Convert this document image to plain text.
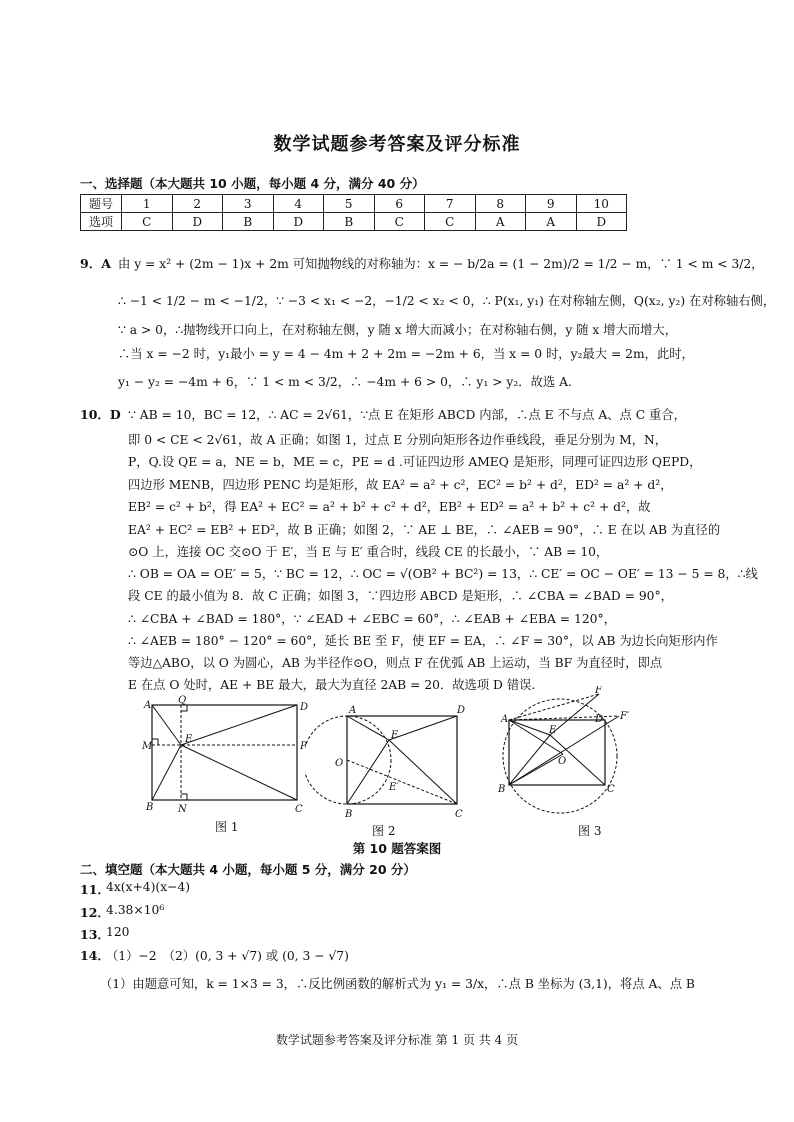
数学试题参考答案及评分标准
一、选择题（本大题共 10 小题，每小题 4 分，满分 40 分）
题号	1	2	3	4	5	6	7	8	9	10
选项	C	D	B	D	B	C	C	A	A	D
9．A 由 y = x² + (2m − 1)x + 2m 可知抛物线的对称轴为：x = − b/2a = (1 − 2m)/2 = 1/2 − m，∵ 1 < m < 3/2，
∴ −1 < 1/2 − m < −1/2，∵ −3 < x₁ < −2，−1/2 < x₂ < 0，∴ P(x₁, y₁) 在对称轴左侧，Q(x₂, y₂) 在对称轴右侧，
∵ a > 0，∴抛物线开口向上，在对称轴左侧，y 随 x 增大而减小；在对称轴右侧，y 随 x 增大而增大，
∴当 x = −2 时，y₁最小 = y = 4 − 4m + 2 + 2m = −2m + 6，当 x = 0 时，y₂最大 = 2m，此时，
y₁ − y₂ = −4m + 6，∵ 1 < m < 3/2，∴ −4m + 6 > 0，∴ y₁ > y₂．故选 A.
10．D ∵ AB = 10，BC = 12，∴ AC = 2√61，∵点 E 在矩形 ABCD 内部，∴点 E 不与点 A、点 C 重合，
即 0 < CE < 2√61，故 A 正确；如图 1，过点 E 分别向矩形各边作垂线段，垂足分别为 M，N，
P，Q.设 QE = a，NE = b，ME = c，PE = d .可证四边形 AMEQ 是矩形，同理可证四边形 QEPD，
四边形 MENB，四边形 PENC 均是矩形，故 EA² = a² + c²，EC² = b² + d²，ED² = a² + d²，
EB² = c² + b²，得 EA² + EC² = a² + b² + c² + d²，EB² + ED² = a² + b² + c² + d²，故
EA² + EC² = EB² + ED²，故 B 正确；如图 2，∵ AE ⊥ BE，∴ ∠AEB = 90°，∴ E 在以 AB 为直径的
⊙O 上，连接 OC 交⊙O 于 E′，当 E 与 E′ 重合时，线段 CE 的长最小，∵ AB = 10，
∴ OB = OA = OE′ = 5，∵ BC = 12，∴ OC = √(OB² + BC²) = 13，∴ CE′ = OC − OE′ = 13 − 5 = 8，∴线
段 CE 的最小值为 8．故 C 正确；如图 3，∵四边形 ABCD 是矩形，∴ ∠CBA = ∠BAD = 90°，
∴ ∠CBA + ∠BAD = 180°，∵ ∠EAD + ∠EBC = 60°，∴ ∠EAB + ∠EBA = 120°，
∴ ∠AEB = 180° − 120° = 60°，延长 BE 至 F，使 EF = EA，∴ ∠F = 30°，以 AB 为边长向矩形内作
等边△ABO，以 O 为圆心，AB 为半径作⊙O，则点 F 在优弧 AB 上运动，当 BF 为直径时，即点
E 在点 O 处时，AE + BE 最大，最大为直径 2AB = 20．故选项 D 错误.
A	Q
D
M
E
P
B N	C
图 1
A	D
E
O
E′
B	C
图 2
A
F
D F′
E
O
B	C
图 3
第 10 题答案图
二、填空题（本大题共 4 小题，每小题 5 分，满分 20 分）
11．
4x(x+4)(x−4)
12．
4.38×10⁶
13．
120
14．
（1）−2　（2）(0, 3 + √7) 或 (0, 3 − √7)
（1）由题意可知，k = 1×3 = 3，∴反比例函数的解析式为 y₁ = 3/x，∴点 B 坐标为 (3,1)，将点 A、点 B
数学试题参考答案及评分标准 第 1 页 共 4 页
